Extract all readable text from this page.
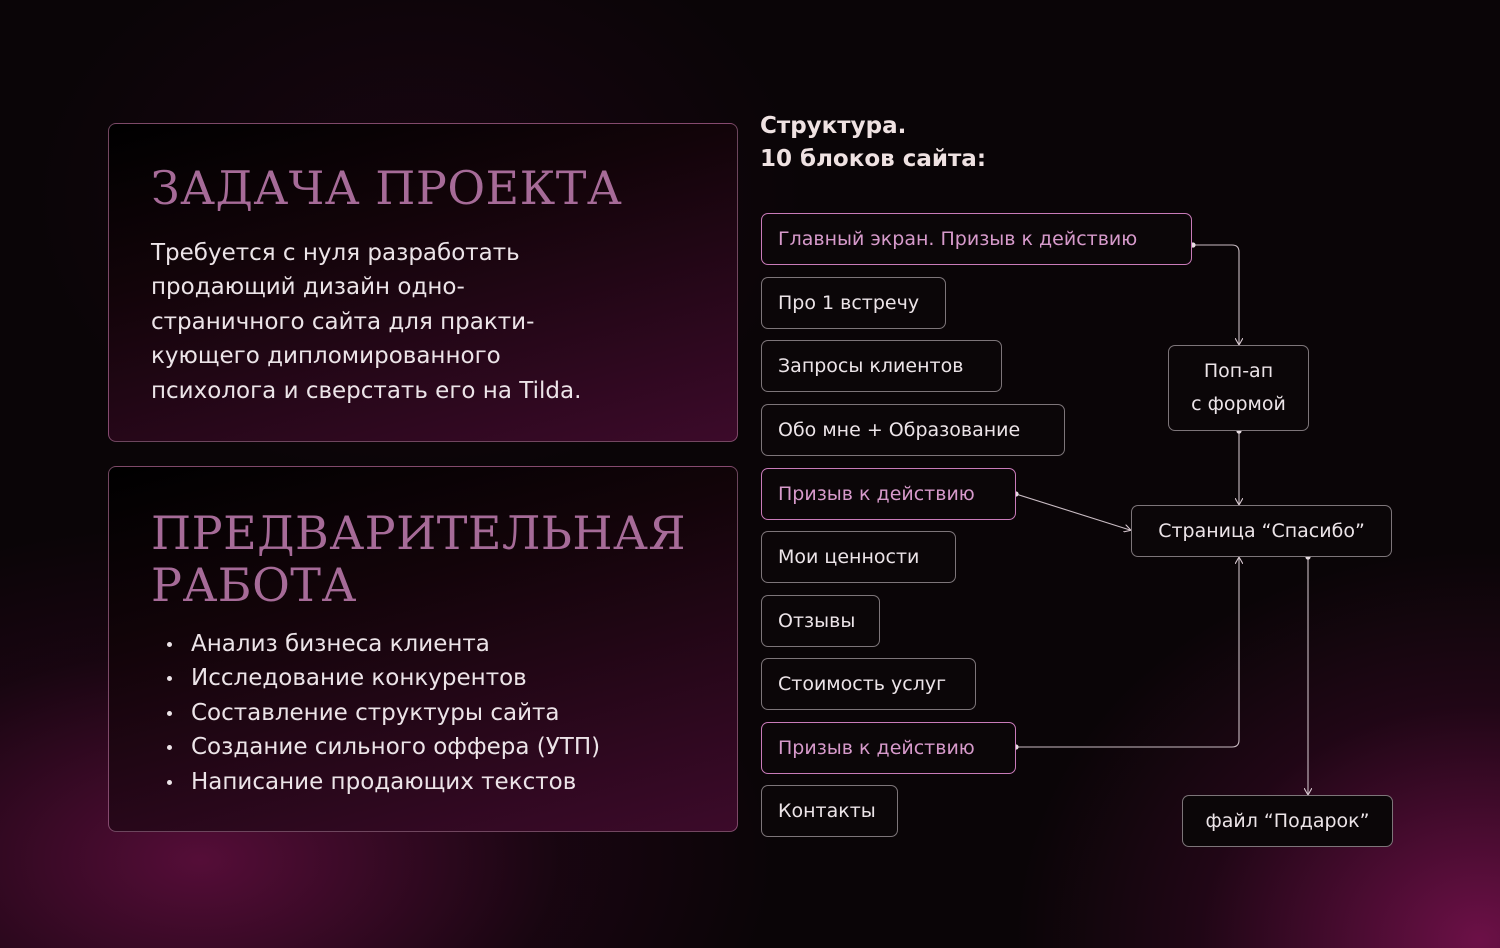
ЗАДАЧА ПРОЕКТА
Требуется с нуля разработать
продающий дизайн одно-
страничного сайта для практи-
кующего дипломированного
психолога и сверстать его на Tilda.
ПРЕДВАРИТЕЛЬНАЯ
РАБОТА
Анализ бизнеса клиента
Исследование конкурентов
Составление структуры сайта
Создание сильного оффера (УТП)
Написание продающих текстов
Структура.
10 блоков сайта:
Главный экран. Призыв к действию
Про 1 встречу
Запросы клиентов
Обо мне + Образование
Призыв к действию
Мои ценности
Отзывы
Стоимость услуг
Призыв к действию
Контакты
Поп-ап
с формой
Страница “Спасибо”
файл “Подарок”
